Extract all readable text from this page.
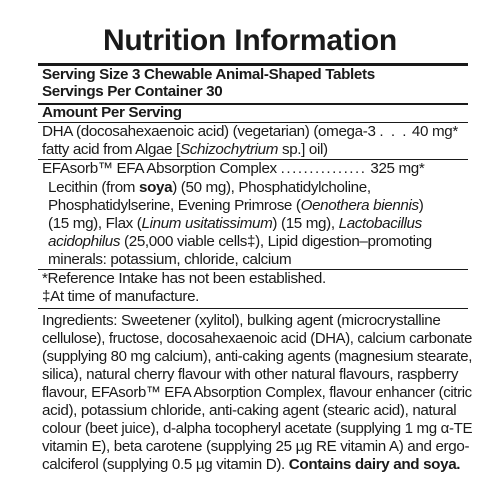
Nutrition Information
Serving Size 3 Chewable Animal-Shaped Tablets
Servings Per Container 30
Amount Per Serving
DHA (docosahexaenoic acid) (vegetarian) (omega-3 . . . 40 mg*
fatty acid from Algae [Schizochytrium sp.] oil)
EFAsorb™ EFA Absorption Complex ............... 325 mg*
Lecithin (from soya) (50 mg), Phosphatidylcholine,
Phosphatidylserine, Evening Primrose (Oenothera biennis)
(15 mg), Flax (Linum usitatissimum) (15 mg), Lactobacillus
acidophilus (25,000 viable cells‡), Lipid digestion–promoting
minerals: potassium, chloride, calcium
*Reference Intake has not been established.
‡At time of manufacture.
Ingredients: Sweetener (xylitol), bulking agent (microcrystalline
cellulose), fructose, docosahexaenoic acid (DHA), calcium carbonate
(supplying 80 mg calcium), anti-caking agents (magnesium stearate,
silica), natural cherry flavour with other natural flavours, raspberry
flavour, EFAsorb™ EFA Absorption Complex, flavour enhancer (citric
acid), potassium chloride, anti-caking agent (stearic acid), natural
colour (beet juice), d-alpha tocopheryl acetate (supplying 1 mg α-TE
vitamin E), beta carotene (supplying 25 µg RE vitamin A) and ergo-
calciferol (supplying 0.5 µg vitamin D). Contains dairy and soya.
